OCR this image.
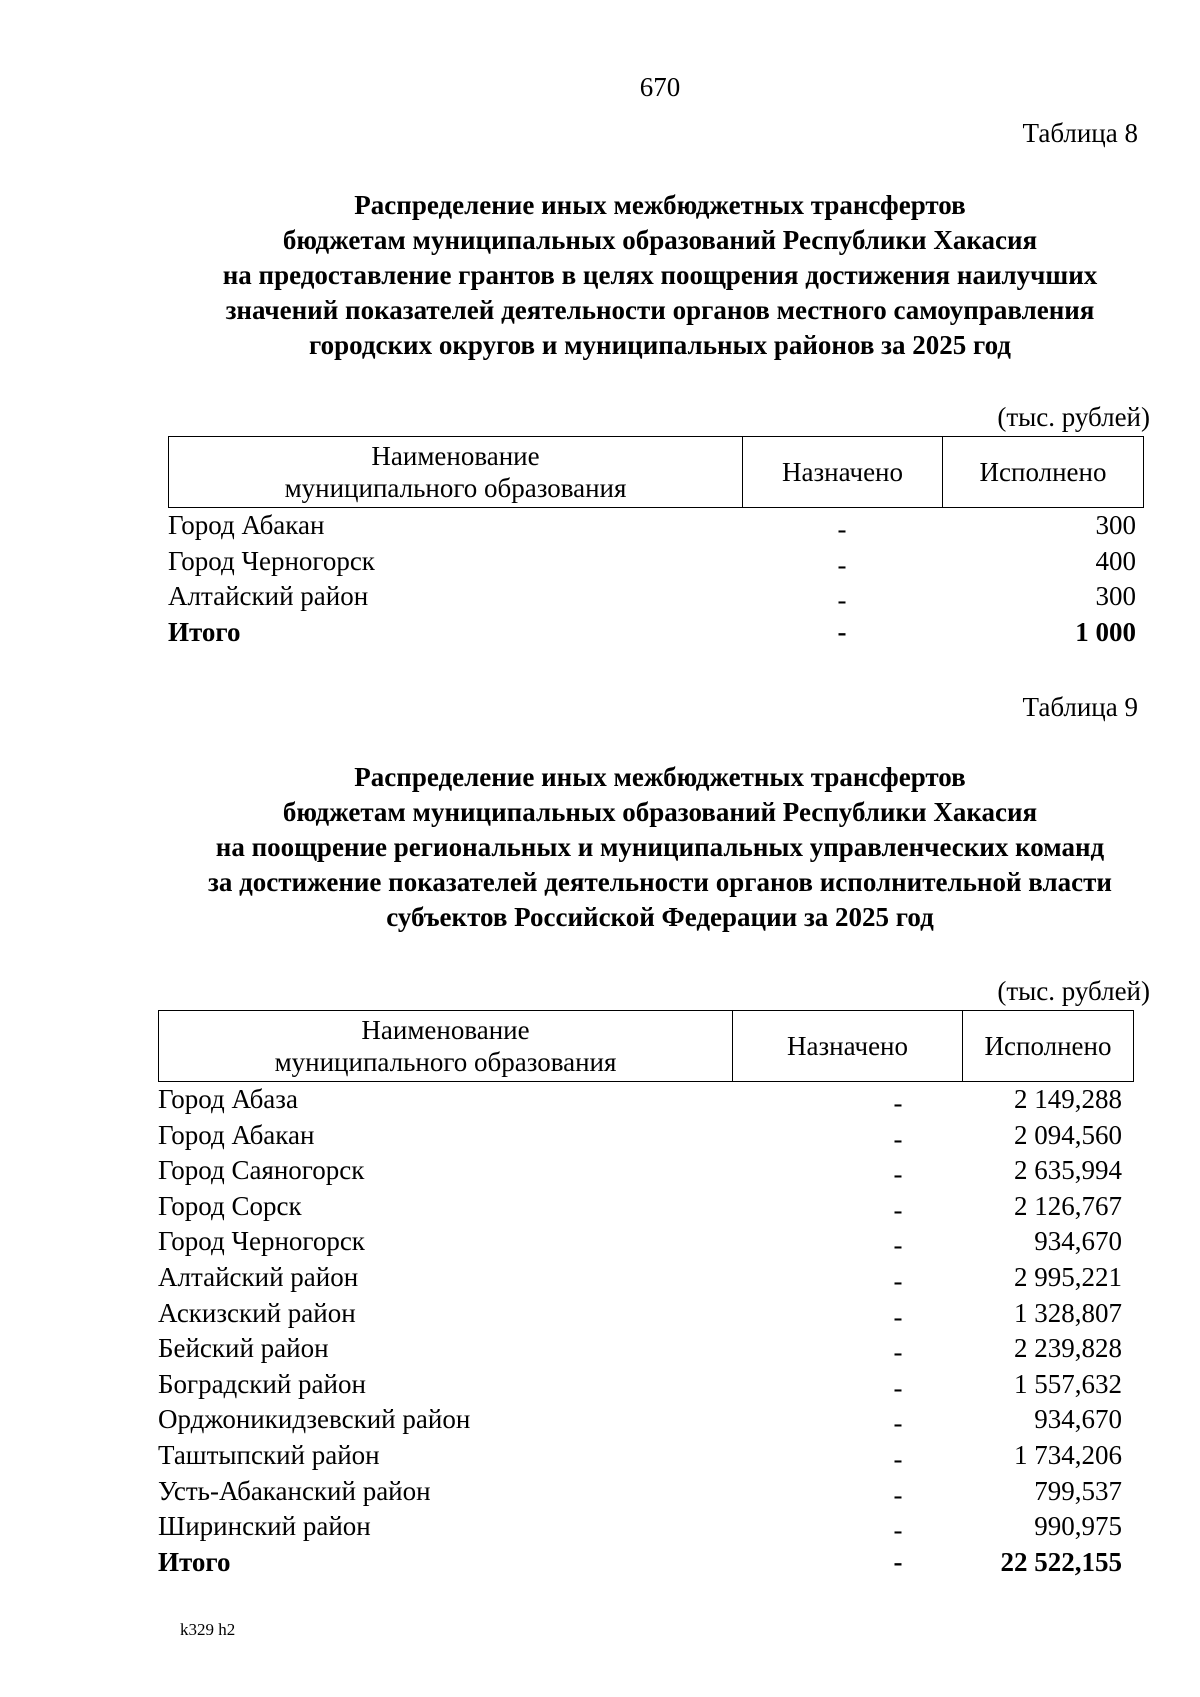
670
Таблица 8
Распределение иных межбюджетных трансфертов
бюджетам муниципальных образований Республики Хакасия
на предоставление грантов в целях поощрения достижения наилучших
значений показателей деятельности органов местного самоуправления
городских округов и муниципальных районов за 2025 год
(тыс. рублей)
Наименование
муниципального образования
Назначено	Исполнено
Город Абакан	-	300
Город Черногорск	-	400
Алтайский район	-	300
Итого	-	1 000
Таблица 9
Распределение иных межбюджетных трансфертов
бюджетам муниципальных образований Республики Хакасия
на поощрение региональных и муниципальных управленческих команд
за достижение показателей деятельности органов исполнительной власти
субъектов Российской Федерации за 2025 год
(тыс. рублей)
Наименование
муниципального образования
Назначено	Исполнено
Город Абаза	-	2 149,288
Город Абакан	-	2 094,560
Город Саяногорск	-	2 635,994
Город Сорск	-	2 126,767
Город Черногорск	-	934,670
Алтайский район	-	2 995,221
Аскизский район	-	1 328,807
Бейский район	-	2 239,828
Боградский район	-	1 557,632
Орджоникидзевский район	-	934,670
Таштыпский район	-	1 734,206
Усть-Абаканский район	-	799,537
Ширинский район	-	990,975
Итого	-	22 522,155
k329 h2
